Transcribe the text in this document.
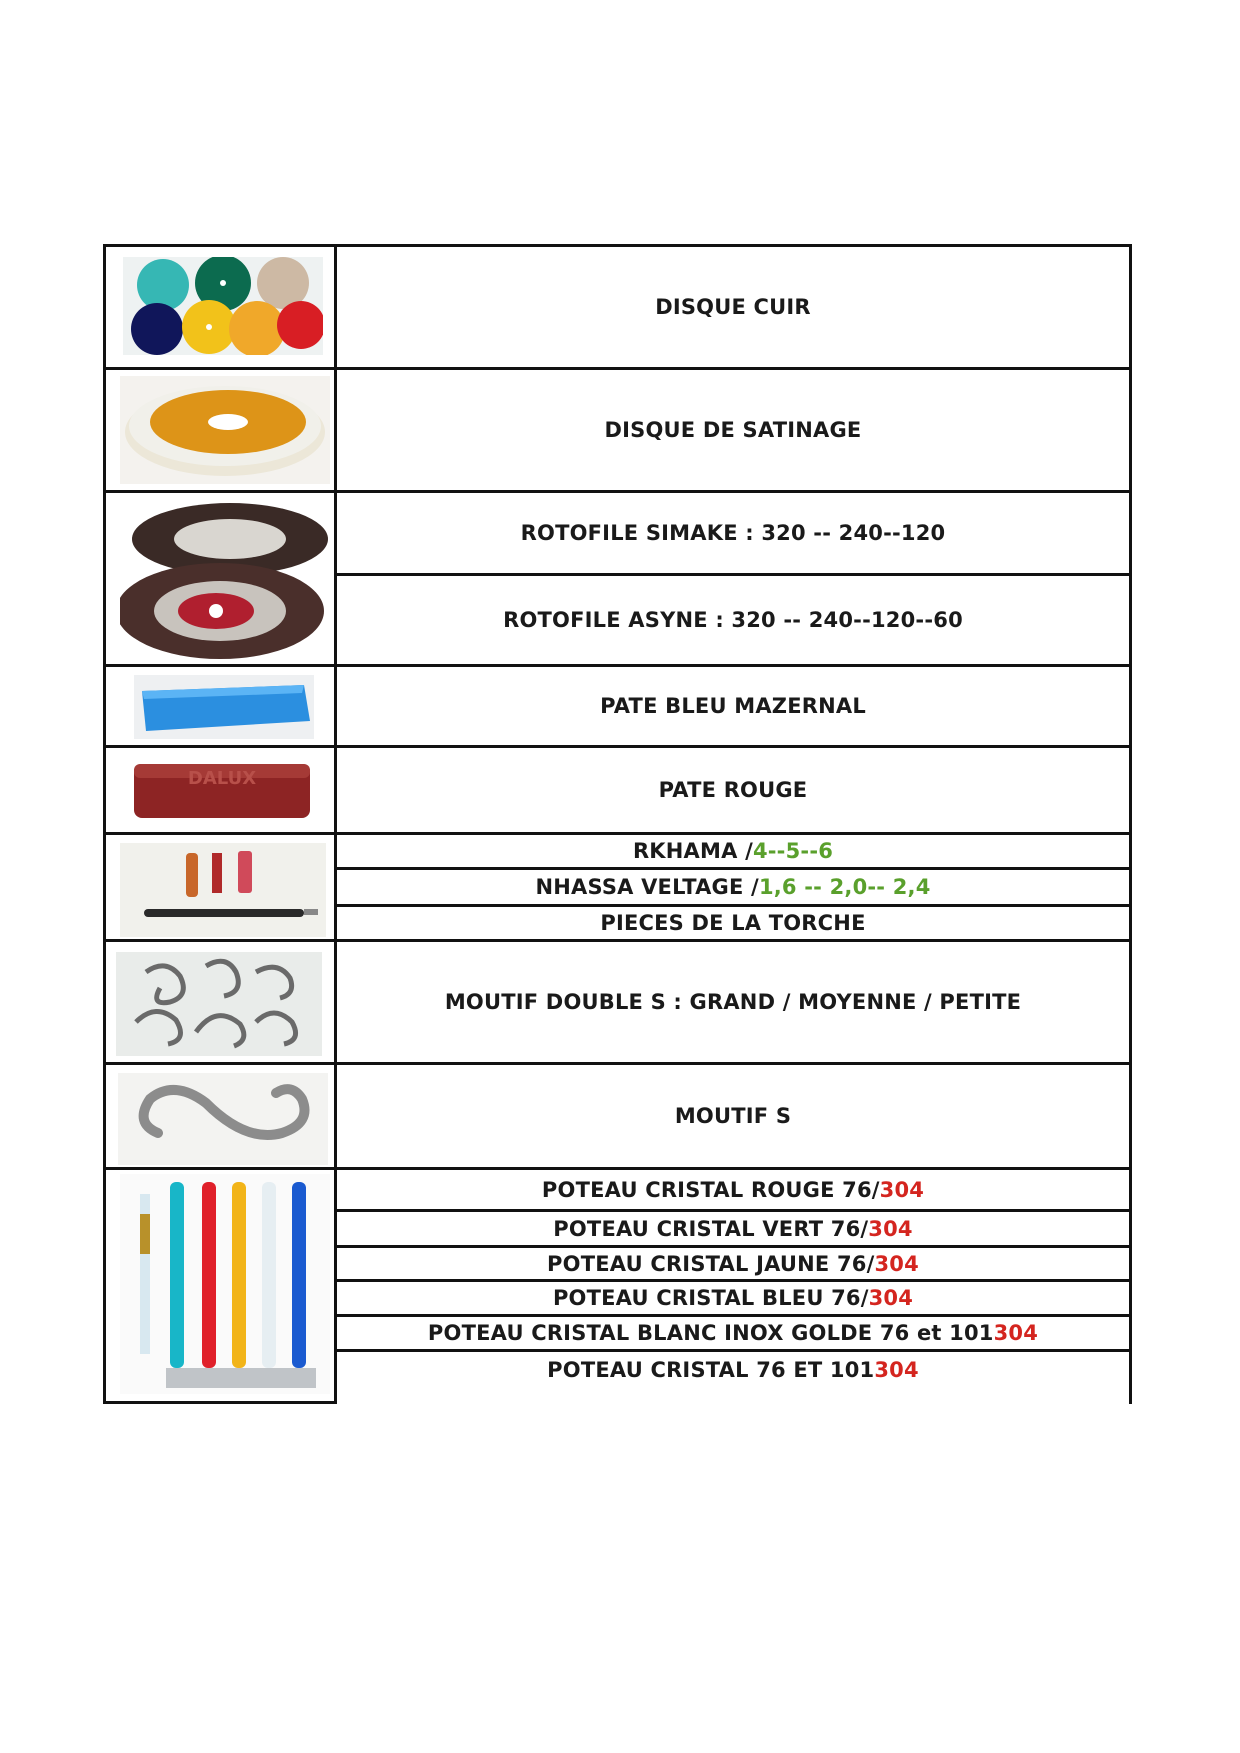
DALUX
DISQUE CUIR
DISQUE DE SATINAGE
ROTOFILE SIMAKE : 320 -- 240--120
ROTOFILE ASYNE : 320 -- 240--120--60
PATE BLEU MAZERNAL
PATE ROUGE
RKHAMA / 4--5--6
NHASSA VELTAGE / 1,6 -- 2,0-- 2,4
PIECES DE LA TORCHE
MOUTIF DOUBLE S : GRAND / MOYENNE / PETITE
MOUTIF S
POTEAU CRISTAL ROUGE 76/ 304
POTEAU CRISTAL VERT 76/ 304
POTEAU CRISTAL JAUNE 76/ 304
POTEAU CRISTAL BLEU 76/ 304
POTEAU CRISTAL BLANC INOX GOLDE 76 et 101 304
POTEAU CRISTAL 76 ET 101 304
